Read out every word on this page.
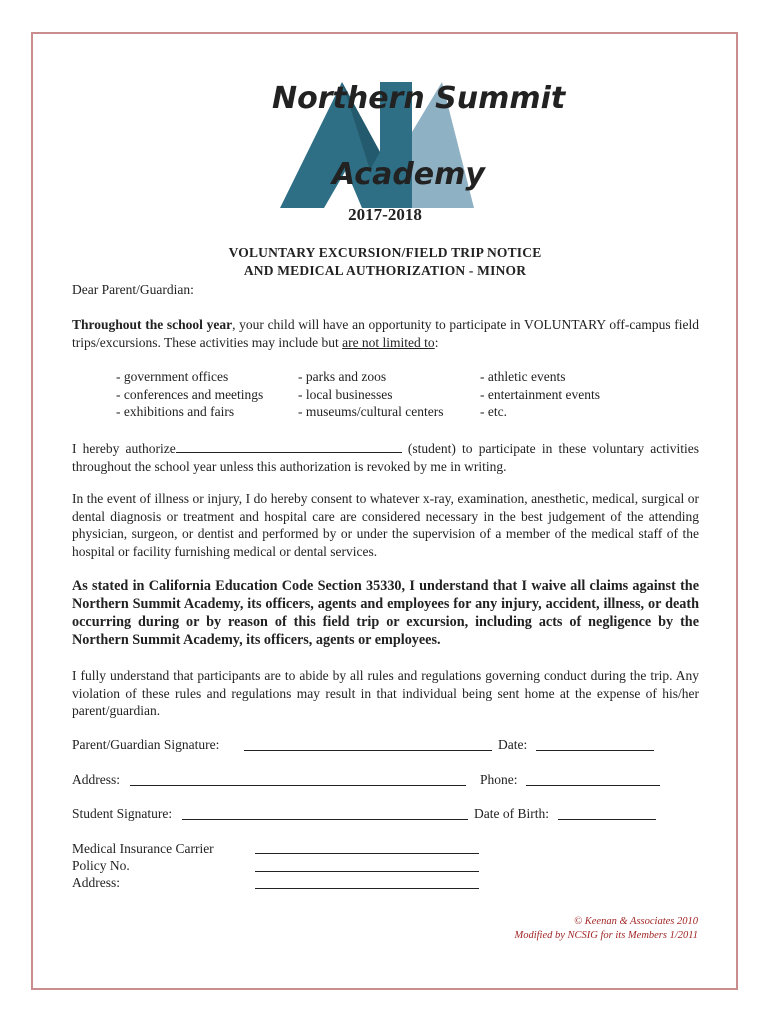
Northern Summit
Academy
2017-2018
VOLUNTARY EXCURSION/FIELD TRIP NOTICE
AND MEDICAL AUTHORIZATION - MINOR
Dear Parent/Guardian:
Throughout the school year, your child will have an opportunity to participate in VOLUNTARY off-campus field trips/excursions. These activities may include but are not limited to:
- government offices
- conferences and meetings
- exhibitions and fairs
- parks and zoos
- local businesses
- museums/cultural centers
- athletic events
- entertainment events
- etc.
I hereby authorize	(student) to participate in these voluntary activities throughout the school year unless this authorization is revoked by me in writing.
In the event of illness or injury, I do hereby consent to whatever x-ray, examination, anesthetic, medical, surgical or dental diagnosis or treatment and hospital care are considered necessary in the best judgement of the attending physician, surgeon, or dentist and performed by or under the supervision of a member of the medical staff of the hospital or facility furnishing medical or dental services.
As stated in California Education Code Section 35330, I understand that I waive all claims against the Northern Summit Academy, its officers, agents and employees for any injury, accident, illness, or death occurring during or by reason of this field trip or excursion, including acts of negligence by the Northern Summit Academy, its officers, agents or employees.
I fully understand that participants are to abide by all rules and regulations governing conduct during the trip. Any violation of these rules and regulations may result in that individual being sent home at the expense of his/her parent/guardian.
Parent/Guardian Signature:	Date:
Address:	Phone:
Student Signature:	Date of Birth:
Medical Insurance Carrier
Policy No.
Address:
© Keenan & Associates 2010
Modified by NCSIG for its Members 1/2011
